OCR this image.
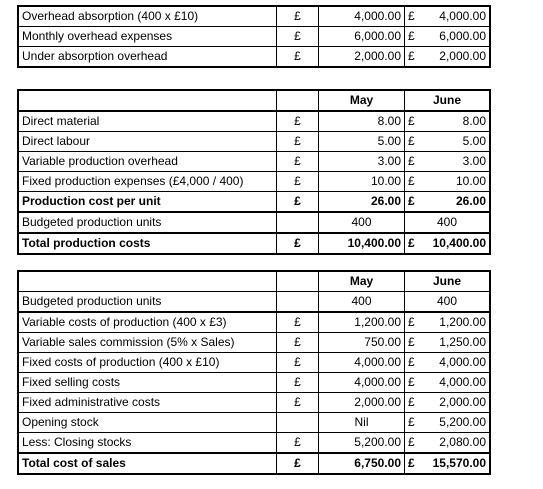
Overhead absorption (400 x £10)	£	4,000.00	£ 4,000.00

Monthly overhead expenses	£	6,000.00	£ 6,000.00

Under absorption overhead	£	2,000.00	£ 2,000.00
		May	June
Direct material	£	8.00	£ 8.00

Direct labour	£	5.00	£ 5.00

Variable production overhead	£	3.00	£ 3.00

Fixed production expenses (£4,000 / 400)	£	10.00	£ 10.00

Production cost per unit	£	26.00	£ 26.00

Budgeted production units		400	400
Total production costs	£	10,400.00	£ 10,400.00
		May	June
Budgeted production units		400	400
Variable costs of production (400 x £3)	£	1,200.00	£ 1,200.00

Variable sales commission (5% x Sales)	£	750.00	£ 1,250.00

Fixed costs of production (400 x £10)	£	4,000.00	£ 4,000.00

Fixed selling costs	£	4,000.00	£ 4,000.00

Fixed administrative costs	£	2,000.00	£ 2,000.00

Opening stock		Nil	£ 5,200.00

Less: Closing stocks	£	5,200.00	£ 2,080.00

Total cost of sales	£	6,750.00	£ 15,570.00
